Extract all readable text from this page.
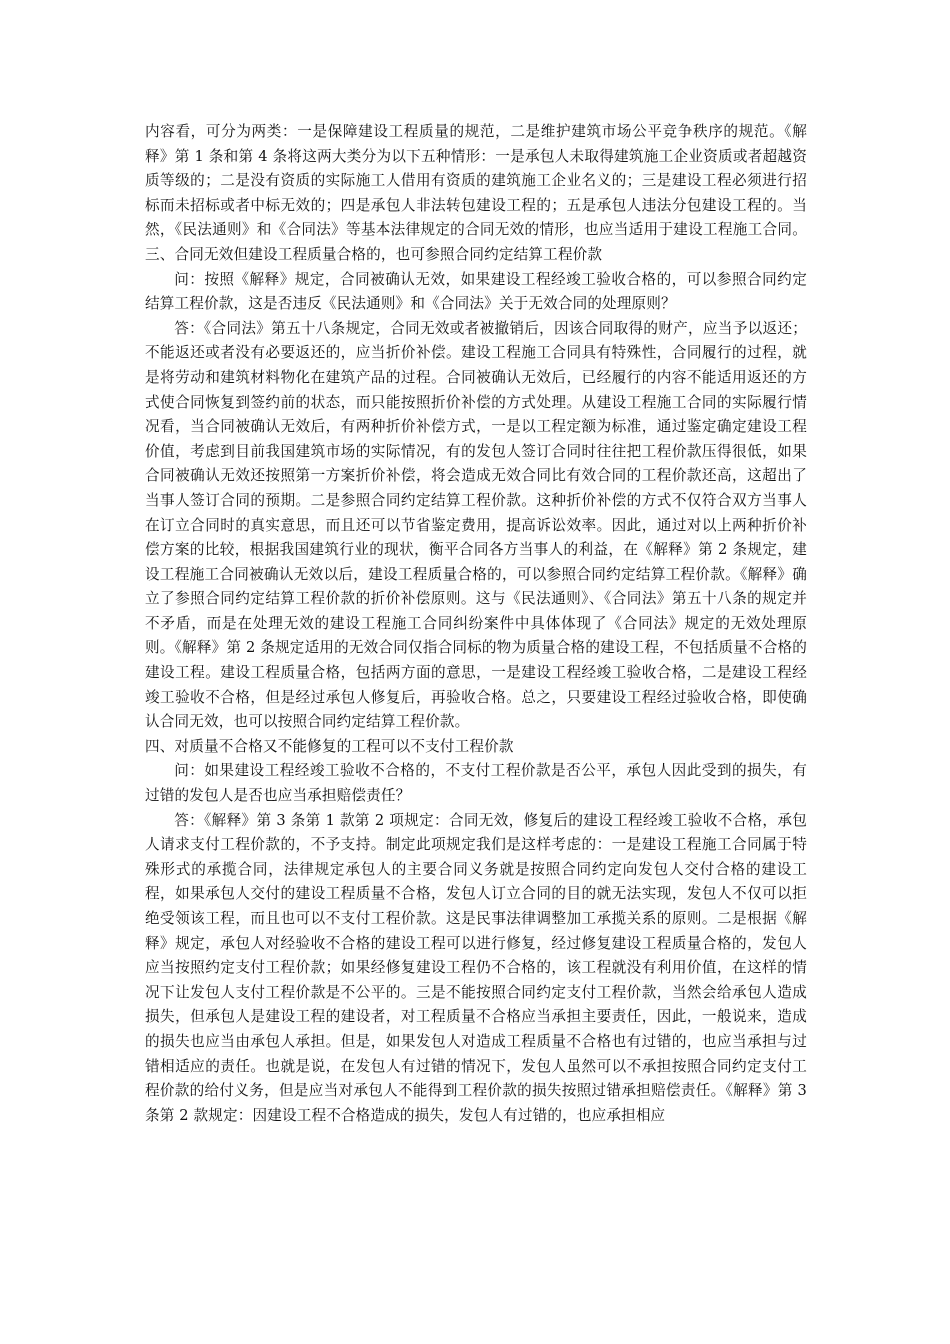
内容看，可分为两类：一是保障建设工程质量的规范，二是维护建筑市场公平竞争秩序的规范。《解释》第 1 条和第 4 条将这两大类分为以下五种情形：一是承包人未取得建筑施工企业资质或者超越资质等级的；二是没有资质的实际施工人借用有资质的建筑施工企业名义的；三是建设工程必须进行招标而未招标或者中标无效的；四是承包人非法转包建设工程的；五是承包人违法分包建设工程的。当然，《民法通则》和《合同法》等基本法律规定的合同无效的情形，也应当适用于建设工程施工合同。三、合同无效但建设工程质量合格的，也可参照合同约定结算工程价款

问：按照《解释》规定，合同被确认无效，如果建设工程经竣工验收合格的，可以参照合同约定结算工程价款，这是否违反《民法通则》和《合同法》关于无效合同的处理原则？

答：《合同法》第五十八条规定，合同无效或者被撤销后，因该合同取得的财产，应当予以返还；不能返还或者没有必要返还的，应当折价补偿。建设工程施工合同具有特殊性，合同履行的过程，就是将劳动和建筑材料物化在建筑产品的过程。合同被确认无效后，已经履行的内容不能适用返还的方式使合同恢复到签约前的状态，而只能按照折价补偿的方式处理。从建设工程施工合同的实际履行情况看，当合同被确认无效后，有两种折价补偿方式，一是以工程定额为标准，通过鉴定确定建设工程价值，考虑到目前我国建筑市场的实际情况，有的发包人签订合同时往往把工程价款压得很低，如果合同被确认无效还按照第一方案折价补偿，将会造成无效合同比有效合同的工程价款还高，这超出了当事人签订合同的预期。二是参照合同约定结算工程价款。这种折价补偿的方式不仅符合双方当事人在订立合同时的真实意思，而且还可以节省鉴定费用，提高诉讼效率。因此，通过对以上两种折价补偿方案的比较，根据我国建筑行业的现状，衡平合同各方当事人的利益，在《解释》第 2 条规定，建设工程施工合同被确认无效以后，建设工程质量合格的，可以参照合同约定结算工程价款。《解释》确立了参照合同约定结算工程价款的折价补偿原则。这与《民法通则》、《合同法》第五十八条的规定并不矛盾，而是在处理无效的建设工程施工合同纠纷案件中具体体现了《合同法》规定的无效处理原则。《解释》第 2 条规定适用的无效合同仅指合同标的物为质量合格的建设工程，不包括质量不合格的建设工程。建设工程质量合格，包括两方面的意思，一是建设工程经竣工验收合格，二是建设工程经竣工验收不合格，但是经过承包人修复后，再验收合格。总之，只要建设工程经过验收合格，即使确认合同无效，也可以按照合同约定结算工程价款。

四、对质量不合格又不能修复的工程可以不支付工程价款

问：如果建设工程经竣工验收不合格的，不支付工程价款是否公平，承包人因此受到的损失，有过错的发包人是否也应当承担赔偿责任？

答：《解释》第 3 条第 1 款第 2 项规定：合同无效，修复后的建设工程经竣工验收不合格，承包人请求支付工程价款的，不予支持。制定此项规定我们是这样考虑的：一是建设工程施工合同属于特殊形式的承揽合同，法律规定承包人的主要合同义务就是按照合同约定向发包人交付合格的建设工程，如果承包人交付的建设工程质量不合格，发包人订立合同的目的就无法实现，发包人不仅可以拒绝受领该工程，而且也可以不支付工程价款。这是民事法律调整加工承揽关系的原则。二是根据《解释》规定，承包人对经验收不合格的建设工程可以进行修复，经过修复建设工程质量合格的，发包人应当按照约定支付工程价款；如果经修复建设工程仍不合格的，该工程就没有利用价值，在这样的情况下让发包人支付工程价款是不公平的。三是不能按照合同约定支付工程价款，当然会给承包人造成损失，但承包人是建设工程的建设者，对工程质量不合格应当承担主要责任，因此，一般说来，造成的损失也应当由承包人承担。但是，如果发包人对造成工程质量不合格也有过错的，也应当承担与过错相适应的责任。也就是说，在发包人有过错的情况下，发包人虽然可以不承担按照合同约定支付工程价款的给付义务，但是应当对承包人不能得到工程价款的损失按照过错承担赔偿责任。《解释》第 3 条第 2 款规定：因建设工程不合格造成的损失，发包人有过错的，也应承担相应
